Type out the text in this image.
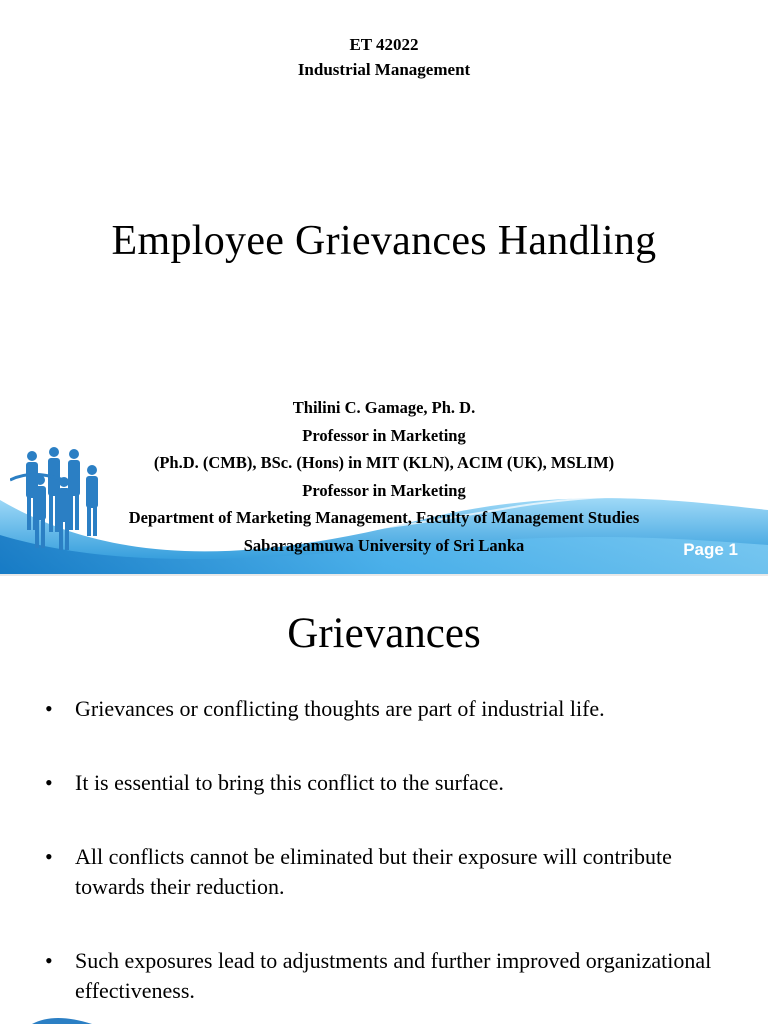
ET 42022
Industrial Management
Employee Grievances Handling
Thilini C. Gamage, Ph. D.
Professor in Marketing
(Ph.D. (CMB), BSc. (Hons) in MIT (KLN), ACIM (UK), MSLIM)
Professor in Marketing
Department of Marketing Management, Faculty of Management Studies
Sabaragamuwa University of Sri Lanka	Page 1
Grievances
• Grievances or conflicting thoughts are part of industrial life.
• It is essential to bring this conflict to the surface.
• All conflicts cannot be eliminated but their exposure will contribute towards their reduction.
• Such exposures lead to adjustments and further improved organizational effectiveness.
